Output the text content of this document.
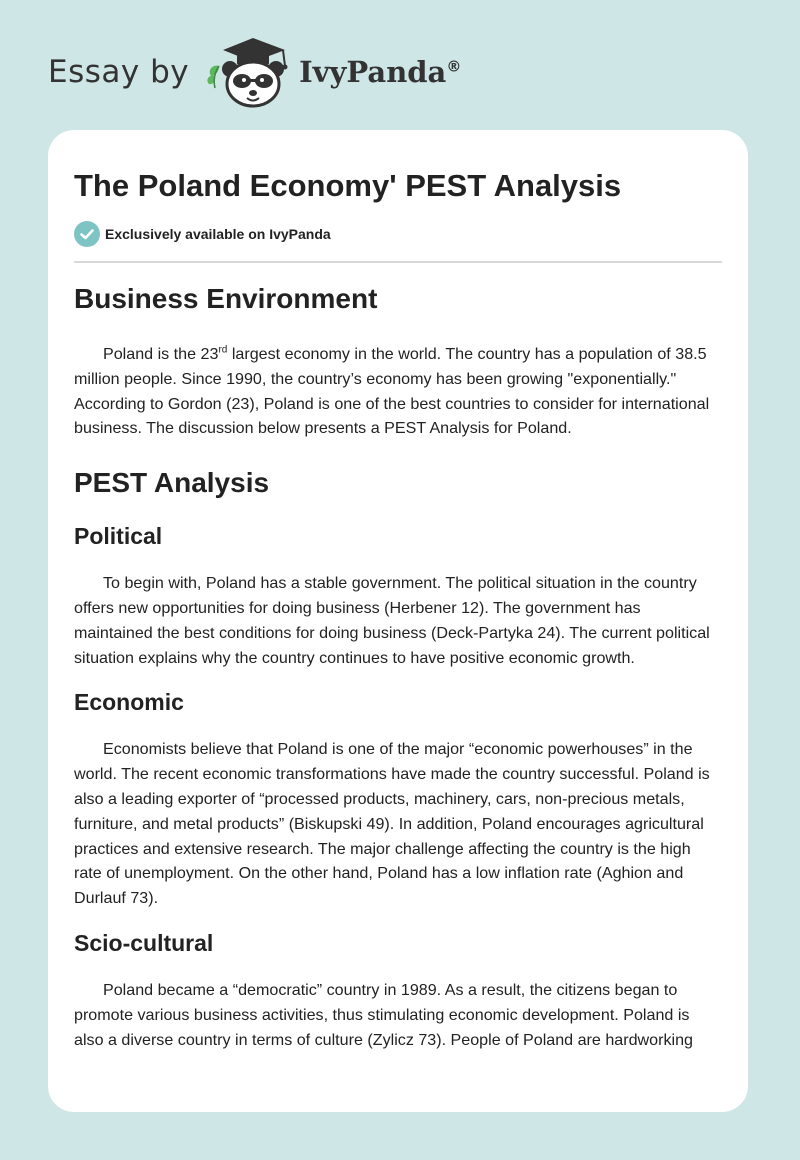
Essay by	IvyPanda®
The Poland Economy' PEST Analysis
Exclusively available on IvyPanda
Business Environment

Poland is the 23rd largest economy in the world. The country has a population of 38.5 million people. Since 1990, the country’s economy has been growing "exponentially." According to Gordon (23), Poland is one of the best countries to consider for international business. The discussion below presents a PEST Analysis for Poland.

PEST Analysis
Political

To begin with, Poland has a stable government. The political situation in the country offers new opportunities for doing business (Herbener 12). The government has maintained the best conditions for doing business (Deck-Partyka 24). The current political situation explains why the country continues to have positive economic growth.

Economic

Economists believe that Poland is one of the major “economic powerhouses” in the world. The recent economic transformations have made the country successful. Poland is also a leading exporter of “processed products, machinery, cars, non-precious metals, furniture, and metal products” (Biskupski 49). In addition, Poland encourages agricultural practices and extensive research. The major challenge affecting the country is the high rate of unemployment. On the other hand, Poland has a low inflation rate (Aghion and Durlauf 73).

Scio-cultural

Poland became a “democratic” country in 1989. As a result, the citizens began to promote various business activities, thus stimulating economic development. Poland is also a diverse country in terms of culture (Zylicz 73). People of Poland are hardworking
